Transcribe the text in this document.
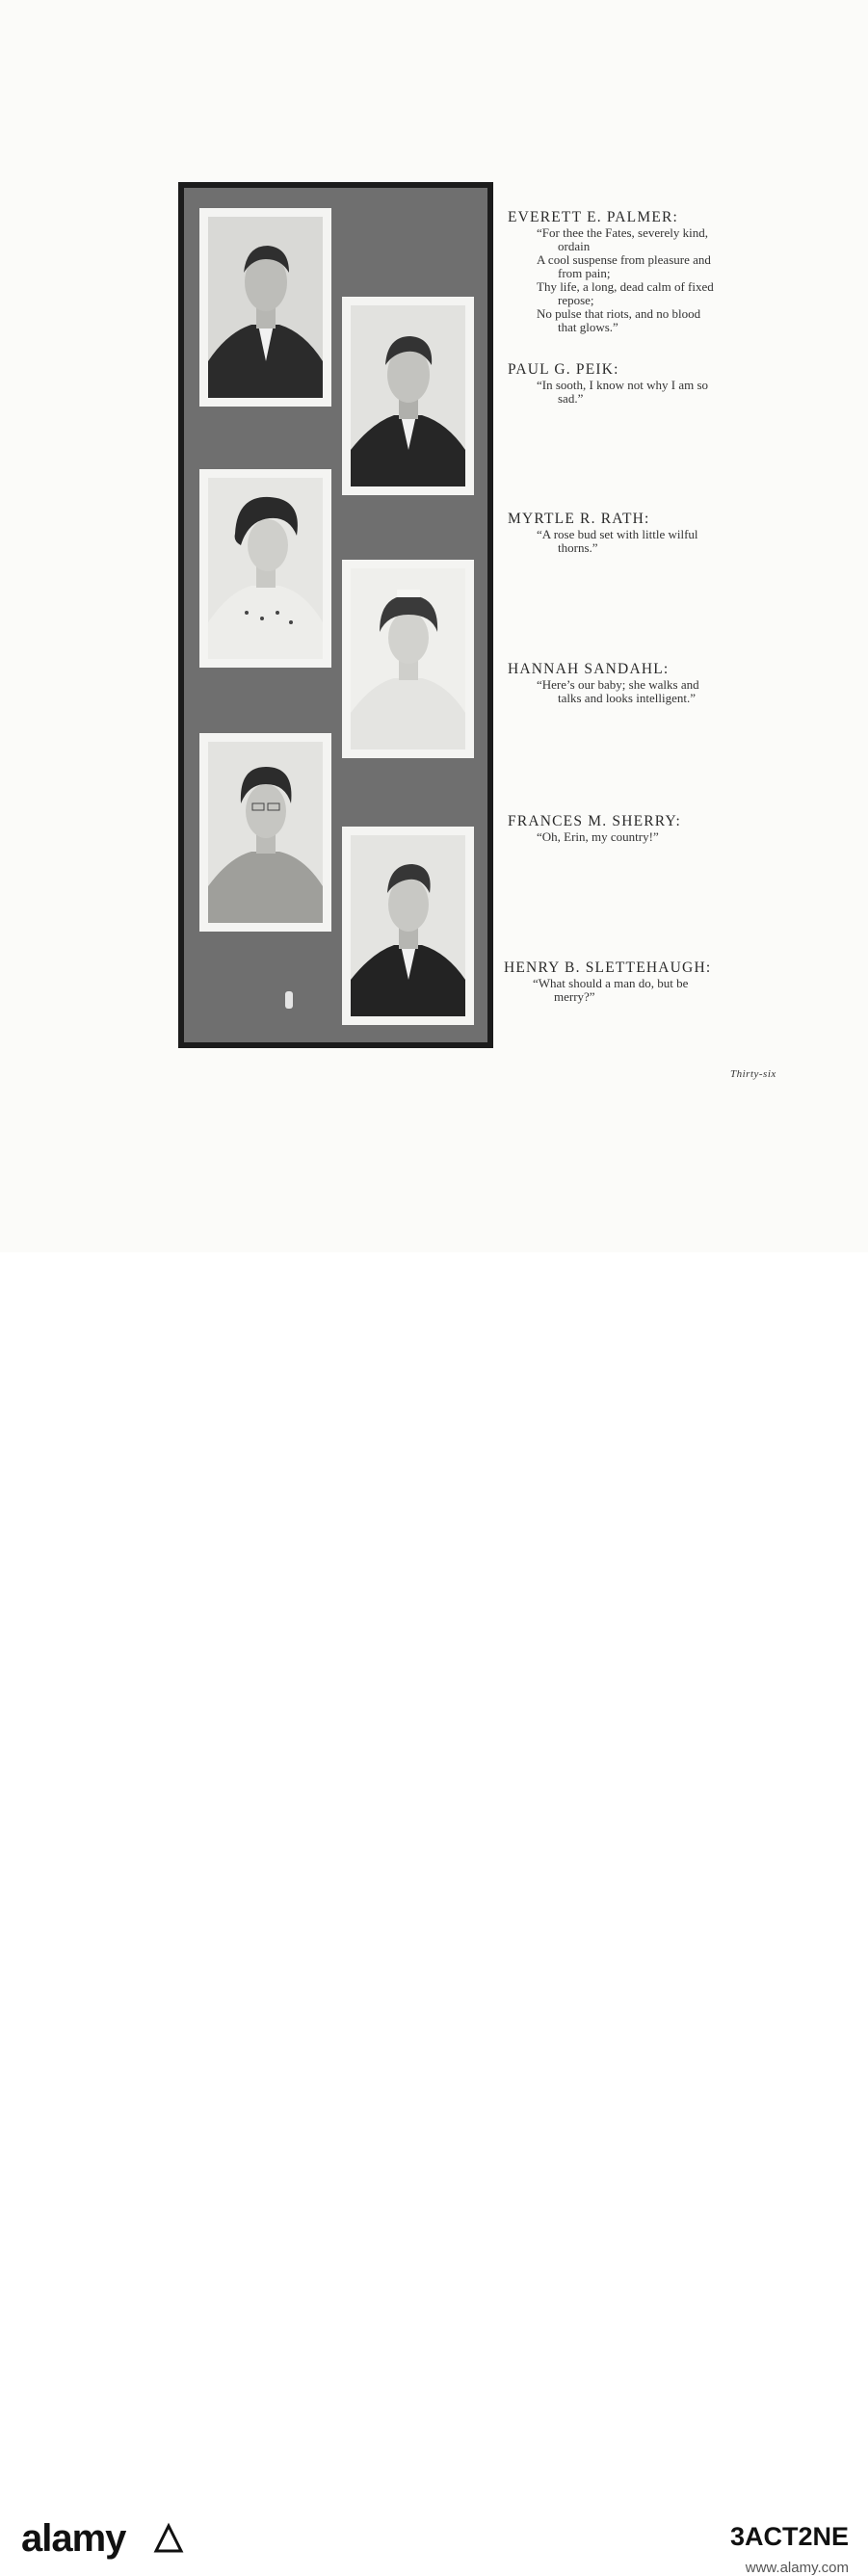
EVERETT E. PALMER:
“For thee the Fates, severely kind,
ordain
A cool suspense from pleasure and
from pain;
Thy life, a long, dead calm of fixed
repose;
No pulse that riots, and no blood
that glows.”
PAUL G. PEIK:
“In sooth, I know not why I am so
sad.”
MYRTLE R. RATH:
“A rose bud set with little wilful
thorns.”
HANNAH SANDAHL:
“Here’s our baby; she walks and
talks and looks intelligent.”
FRANCES M. SHERRY:
“Oh, Erin, my country!”
HENRY B. SLETTEHAUGH:
“What should a man do, but be
merry?”
Thirty-six
alamy	3ACT2NE
www.alamy.com
